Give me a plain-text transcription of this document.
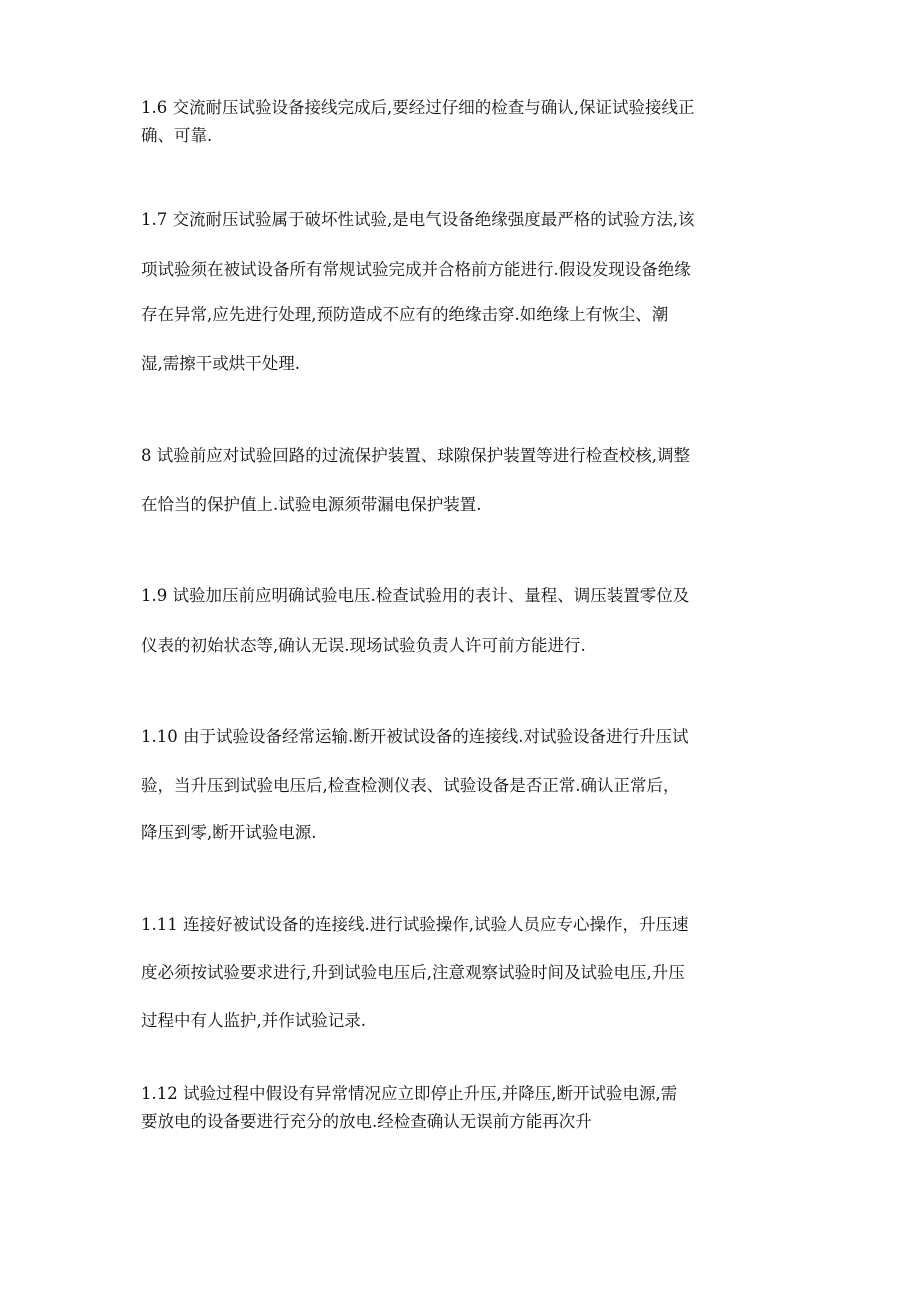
1.6 交流耐压试验设备接线完成后,要经过仔细的检查与确认,保证试验接线正
确、可靠.
1.7 交流耐压试验属于破坏性试验,是电气设备绝缘强度最严格的试验方法,该
项试验须在被试设备所有常规试验完成并合格前方能进行.假设发现设备绝缘
存在异常,应先进行处理,预防造成不应有的绝缘击穿.如绝缘上有恢尘、潮
湿,需擦干或烘干处理.
8 试验前应对试验回路的过流保护装置、球隙保护装置等进行检查校核,调整
在恰当的保护值上.试验电源须带漏电保护装置.
1.9 试验加压前应明确试验电压.检查试验用的表计、量程、调压装置零位及
仪表的初始状态等,确认无误.现场试验负责人许可前方能进行.
1.10 由于试验设备经常运输.断开被试设备的连接线.对试验设备进行升压试
验，当升压到试验电压后,检查检测仪表、试验设备是否正常.确认正常后，
降压到零,断开试验电源.
1.11 连接好被试设备的连接线.进行试验操作,试验人员应专心操作，升压速
度必须按试验要求进行,升到试验电压后,注意观察试验时间及试验电压,升压
过程中有人监护,并作试验记录.
1.12 试验过程中假设有异常情况应立即停止升压,并降压,断开试验电源,需
要放电的设备要进行充分的放电.经检查确认无误前方能再次升
